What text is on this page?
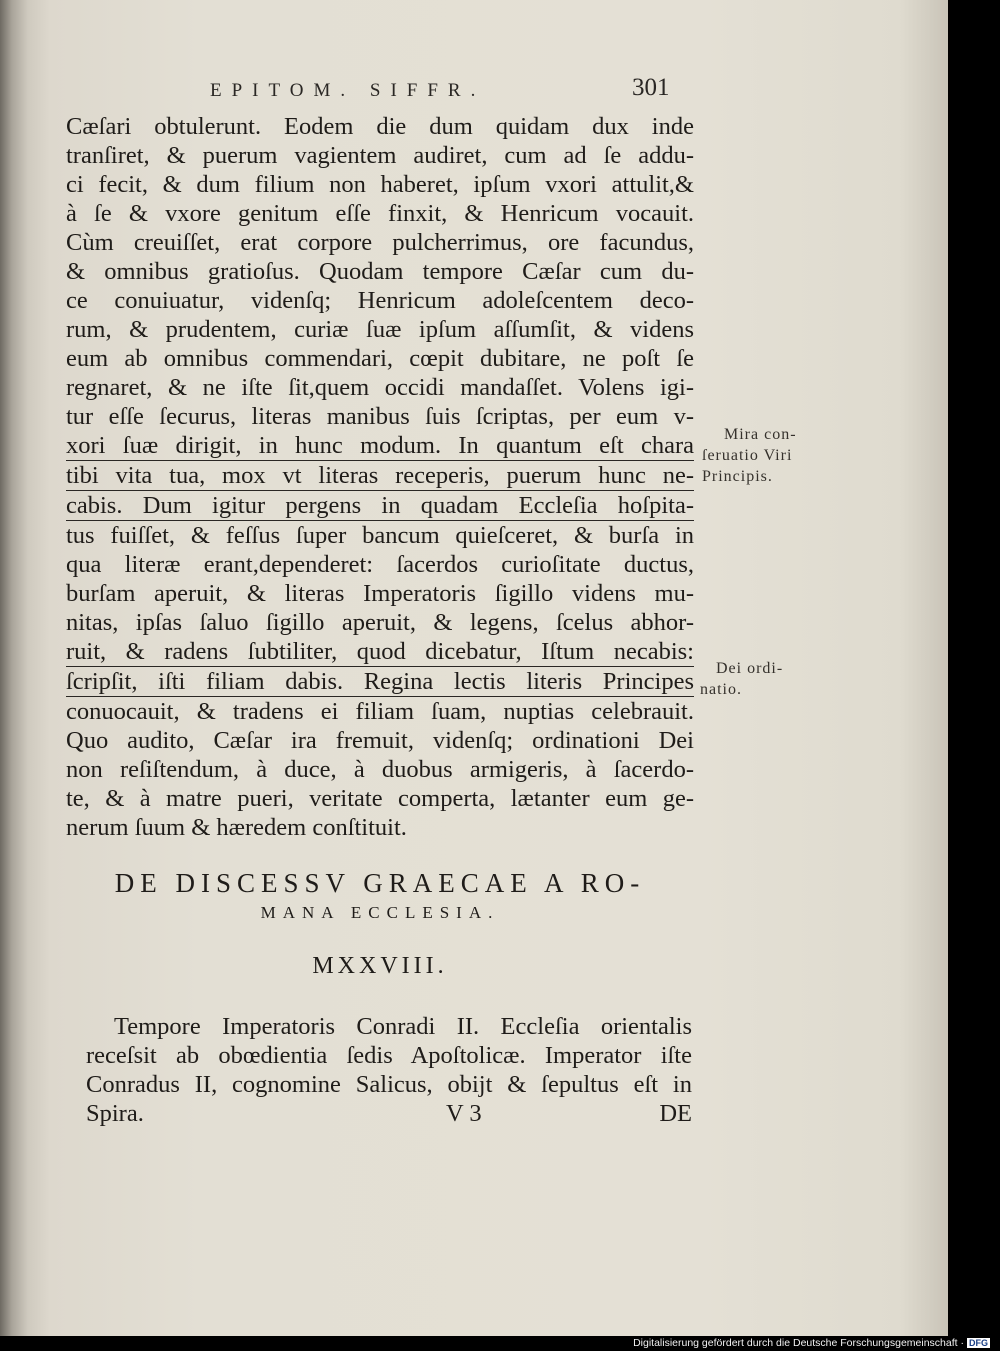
EPITOM. SIFFR.	301
Cæſari obtulerunt. Eodem die dum quidam dux inde
tranſiret, & puerum vagientem audiret, cum ad ſe addu-
ci fecit, & dum filium non haberet, ipſum vxori attulit,&
à ſe & vxore genitum eſſe finxit, & Henricum vocauit.
Cùm creuiſſet, erat corpore pulcherrimus, ore facundus,
& omnibus gratioſus. Quodam tempore Cæſar cum du-
ce conuiuatur, videnſq; Henricum adoleſcentem deco-
rum, & prudentem, curiæ ſuæ ipſum aſſumſit, & videns
eum ab omnibus commendari, cœpit dubitare, ne poſt ſe
regnaret, & ne iſte ſit,quem occidi mandaſſet. Volens igi-
tur eſſe ſecurus, literas manibus ſuis ſcriptas, per eum v-
xori ſuæ dirigit, in hunc modum. In quantum eſt chara
tibi vita tua, mox vt literas receperis, puerum hunc ne-
cabis. Dum igitur pergens in quadam Eccleſia hoſpita-
tus fuiſſet, & feſſus ſuper bancum quieſceret, & burſa in
qua literæ erant,dependeret: ſacerdos curioſitate ductus,
burſam aperuit, & literas Imperatoris ſigillo videns mu-
nitas, ipſas ſaluo ſigillo aperuit, & legens, ſcelus abhor-
ruit, & radens ſubtiliter, quod dicebatur, Iſtum necabis:
ſcripſit, iſti filiam dabis. Regina lectis literis Principes
conuocauit, & tradens ei filiam ſuam, nuptias celebrauit.
Quo audito, Cæſar ira fremuit, videnſq; ordinationi Dei
non reſiſtendum, à duce, à duobus armigeris, à ſacerdo-
te, & à matre pueri, veritate comperta, lætanter eum ge-
nerum ſuum & hæredem conſtituit.
Mira con-
ſeruatio Viri
Principis.
Dei ordi-
natio.
DE DISCESSV GRAECAE A RO-
MANA ECCLESIA.
MXXVIII.
Tempore Imperatoris Conradi II. Eccleſia orientalis
receſsit ab obœdientia ſedis Apoſtolicæ. Imperator iſte
Conradus II, cognomine Salicus, obijt & ſepultus eſt in
Spira.	V 3	DE
Digitalisierung gefördert durch die Deutsche Forschungsgemeinschaft · DFG
